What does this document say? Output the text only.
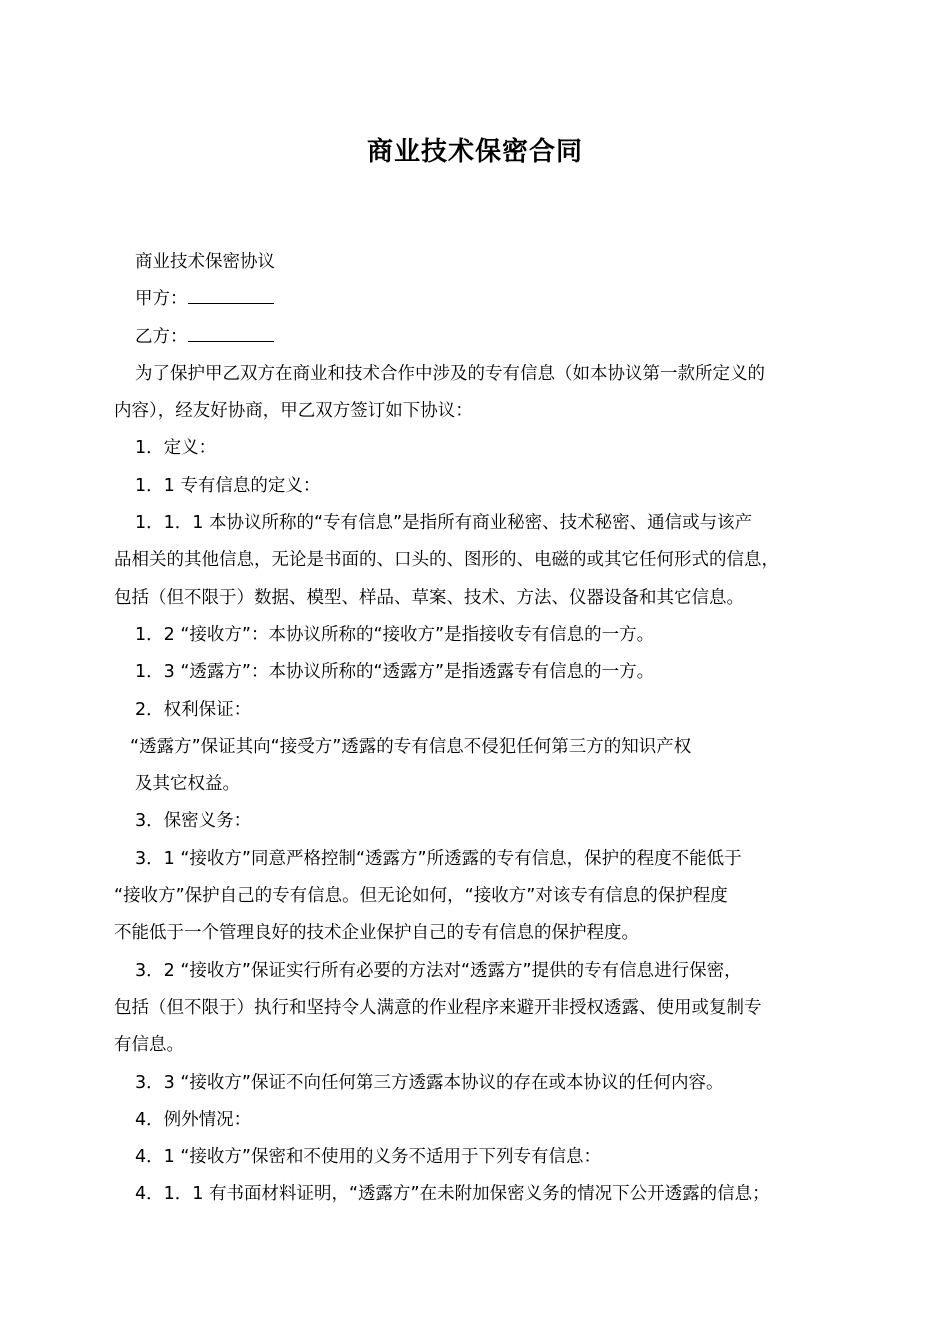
商业技术保密合同
商业技术保密协议
甲方：
乙方：
为了保护甲乙双方在商业和技术合作中涉及的专有信息（如本协议第一款所定义的
内容），经友好协商，甲乙双方签订如下协议：
1．定义：
1．1 专有信息的定义：
1．1．1 本协议所称的“专有信息”是指所有商业秘密、技术秘密、通信或与该产
品相关的其他信息，无论是书面的、口头的、图形的、电磁的或其它任何形式的信息，
包括（但不限于）数据、模型、样品、草案、技术、方法、仪器设备和其它信息。
1．2 “接收方”：本协议所称的“接收方”是指接收专有信息的一方。
1．3 “透露方”：本协议所称的“透露方”是指透露专有信息的一方。
2．权利保证：
“透露方”保证其向“接受方”透露的专有信息不侵犯任何第三方的知识产权
及其它权益。
3．保密义务：
3．1 “接收方”同意严格控制“透露方”所透露的专有信息，保护的程度不能低于
“接收方”保护自己的专有信息。但无论如何，“接收方”对该专有信息的保护程度
不能低于一个管理良好的技术企业保护自己的专有信息的保护程度。
3．2 “接收方”保证实行所有必要的方法对“透露方”提供的专有信息进行保密，
包括（但不限于）执行和坚持令人满意的作业程序来避开非授权透露、使用或复制专
有信息。
3．3 “接收方”保证不向任何第三方透露本协议的存在或本协议的任何内容。
4．例外情况：
4．1 “接收方”保密和不使用的义务不适用于下列专有信息：
4．1．1 有书面材料证明，“透露方”在未附加保密义务的情况下公开透露的信息；
